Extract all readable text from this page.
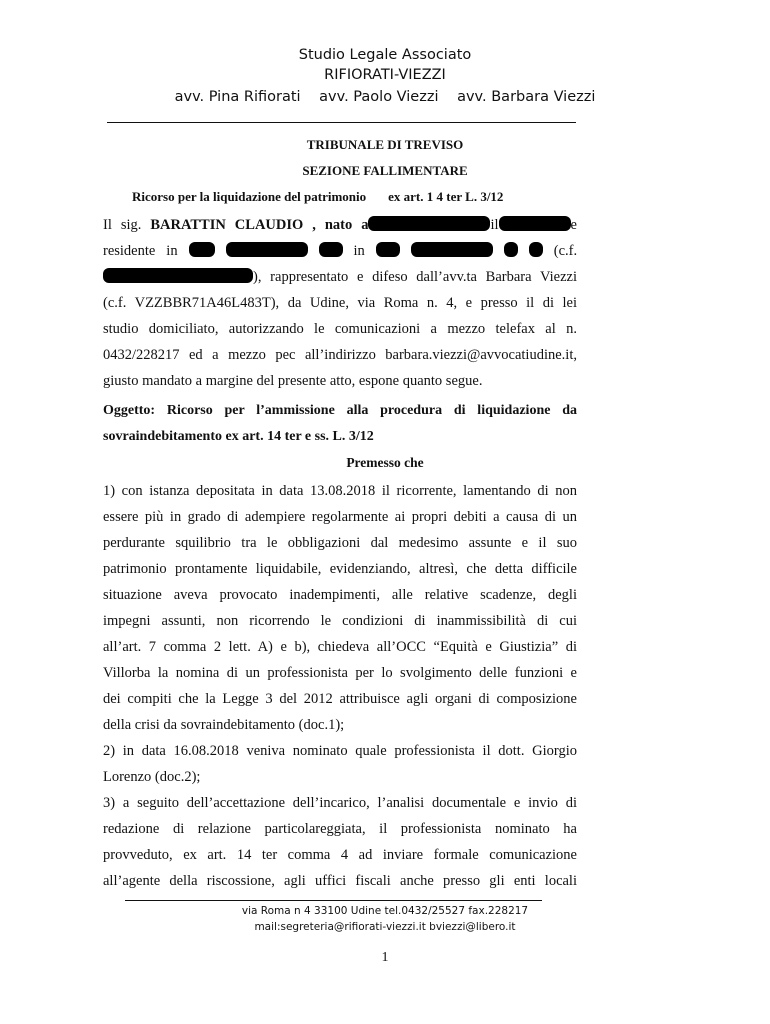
Studio Legale Associato
RIFIORATI-VIEZZI
avv. Pina Rifiorati avv. Paolo Viezzi avv. Barbara Viezzi
TRIBUNALE DI TREVISO
SEZIONE FALLIMENTARE
Ricorso per la liquidazione del patrimonio ex art. 1 4 ter L. 3/12

Il sig. BARATTIN CLAUDIO , nato a	il	e

residente in	in	(c.f.

), rappresentato e difeso dall’avv.ta Barbara Viezzi

(c.f. VZZBBR71A46L483T), da Udine, via Roma n. 4, e presso il di lei

studio domiciliato, autorizzando le comunicazioni a mezzo telefax al n.

0432/228217 ed a mezzo pec all’indirizzo barbara.viezzi@avvocatiudine.it,

giusto mandato a margine del presente atto, espone quanto segue.

Oggetto: Ricorso per l’ammissione alla procedura di liquidazione da

sovraindebitamento ex art. 14 ter e ss. L. 3/12

Premesso che

1) con istanza depositata in data 13.08.2018 il ricorrente, lamentando di non

essere più in grado di adempiere regolarmente ai propri debiti a causa di un

perdurante squilibrio tra le obbligazioni dal medesimo assunte e il suo

patrimonio prontamente liquidabile, evidenziando, altresì, che detta difficile

situazione aveva provocato inadempimenti, alle relative scadenze, degli

impegni assunti, non ricorrendo le condizioni di inammissibilità di cui

all’art. 7 comma 2 lett. A) e b), chiedeva all’OCC “Equità e Giustizia” di

Villorba la nomina di un professionista per lo svolgimento delle funzioni e

dei compiti che la Legge 3 del 2012 attribuisce agli organi di composizione

della crisi da sovraindebitamento (doc.1);

2) in data 16.08.2018 veniva nominato quale professionista il dott. Giorgio

Lorenzo (doc.2);

3) a seguito dell’accettazione dell’incarico, l’analisi documentale e invio di

redazione di relazione particolareggiata, il professionista nominato ha

provveduto, ex art. 14 ter comma 4 ad inviare formale comunicazione

all’agente della riscossione, agli uffici fiscali anche presso gli enti locali

via Roma n 4 33100 Udine tel.0432/25527 fax.228217
mail:segreteria@rifiorati-viezzi.it bviezzi@libero.it
1
